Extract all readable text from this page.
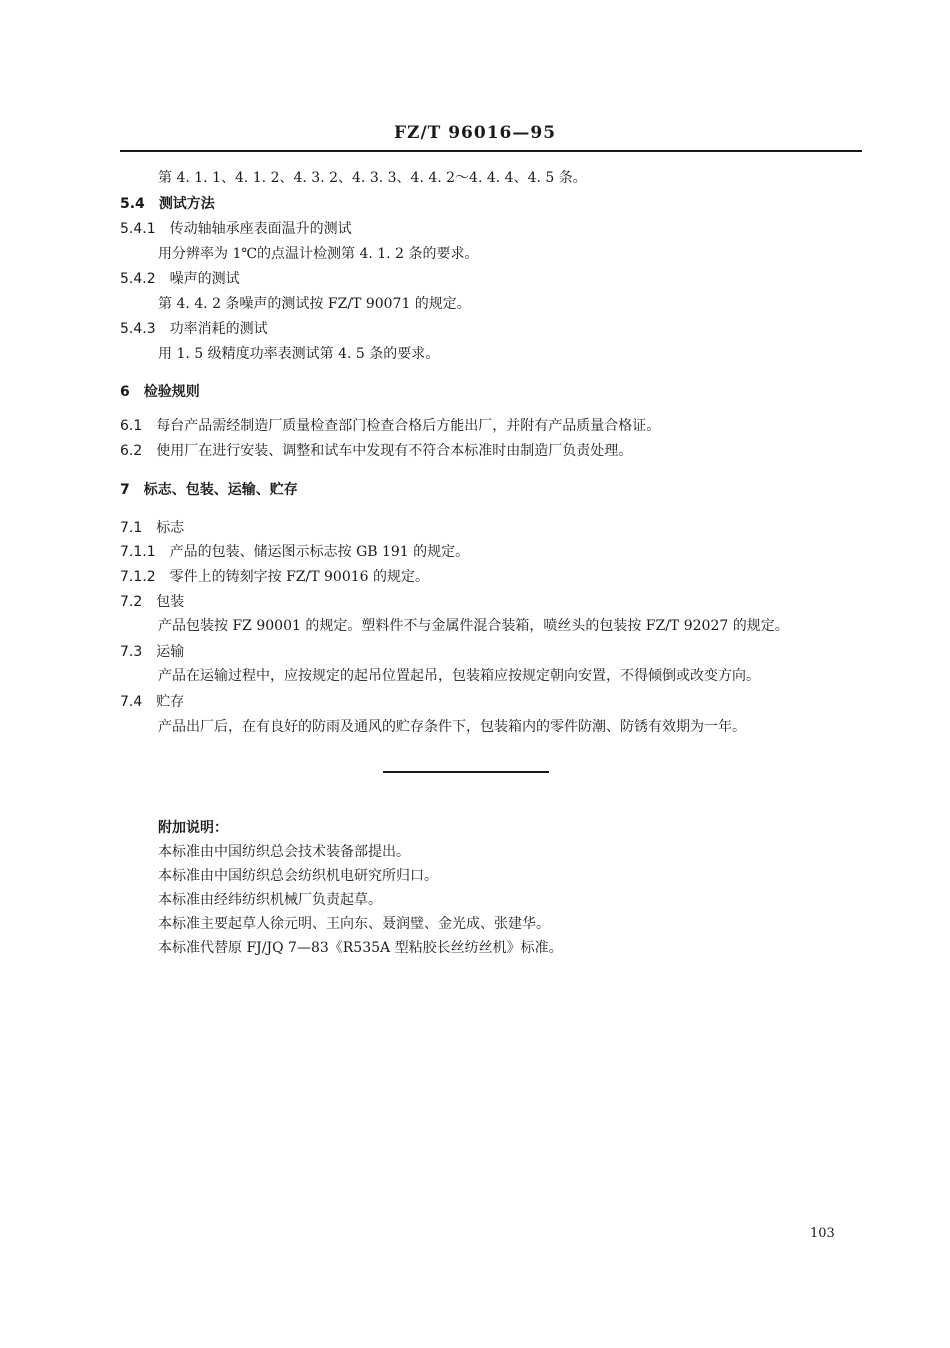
FZ/T 96016—95
第 4. 1. 1、4. 1. 2、4. 3. 2、4. 3. 3、4. 4. 2～4. 4. 4、4. 5 条。
5.4 测试方法
5.4.1 传动轴轴承座表面温升的测试
用分辨率为 1℃的点温计检测第 4. 1. 2 条的要求。
5.4.2 噪声的测试
第 4. 4. 2 条噪声的测试按 FZ/T 90071 的规定。
5.4.3 功率消耗的测试
用 1. 5 级精度功率表测试第 4. 5 条的要求。
6 检验规则
6.1 每台产品需经制造厂质量检查部门检查合格后方能出厂，并附有产品质量合格证。
6.2 使用厂在进行安装、调整和试车中发现有不符合本标准时由制造厂负责处理。
7 标志、包装、运输、贮存
7.1 标志
7.1.1 产品的包装、储运图示标志按 GB 191 的规定。
7.1.2 零件上的铸刻字按 FZ/T 90016 的规定。
7.2 包装
产品包装按 FZ 90001 的规定。塑料件不与金属件混合装箱，喷丝头的包装按 FZ/T 92027 的规定。
7.3 运输
产品在运输过程中，应按规定的起吊位置起吊，包装箱应按规定朝向安置，不得倾倒或改变方向。
7.4 贮存
产品出厂后，在有良好的防雨及通风的贮存条件下，包装箱内的零件防潮、防锈有效期为一年。
附加说明：
本标准由中国纺织总会技术装备部提出。
本标准由中国纺织总会纺织机电研究所归口。
本标准由经纬纺织机械厂负责起草。
本标准主要起草人徐元明、王向东、聂润璧、金光成、张建华。
本标准代替原 FJ/JQ 7—83《R535A 型粘胶长丝纺丝机》标准。
103
